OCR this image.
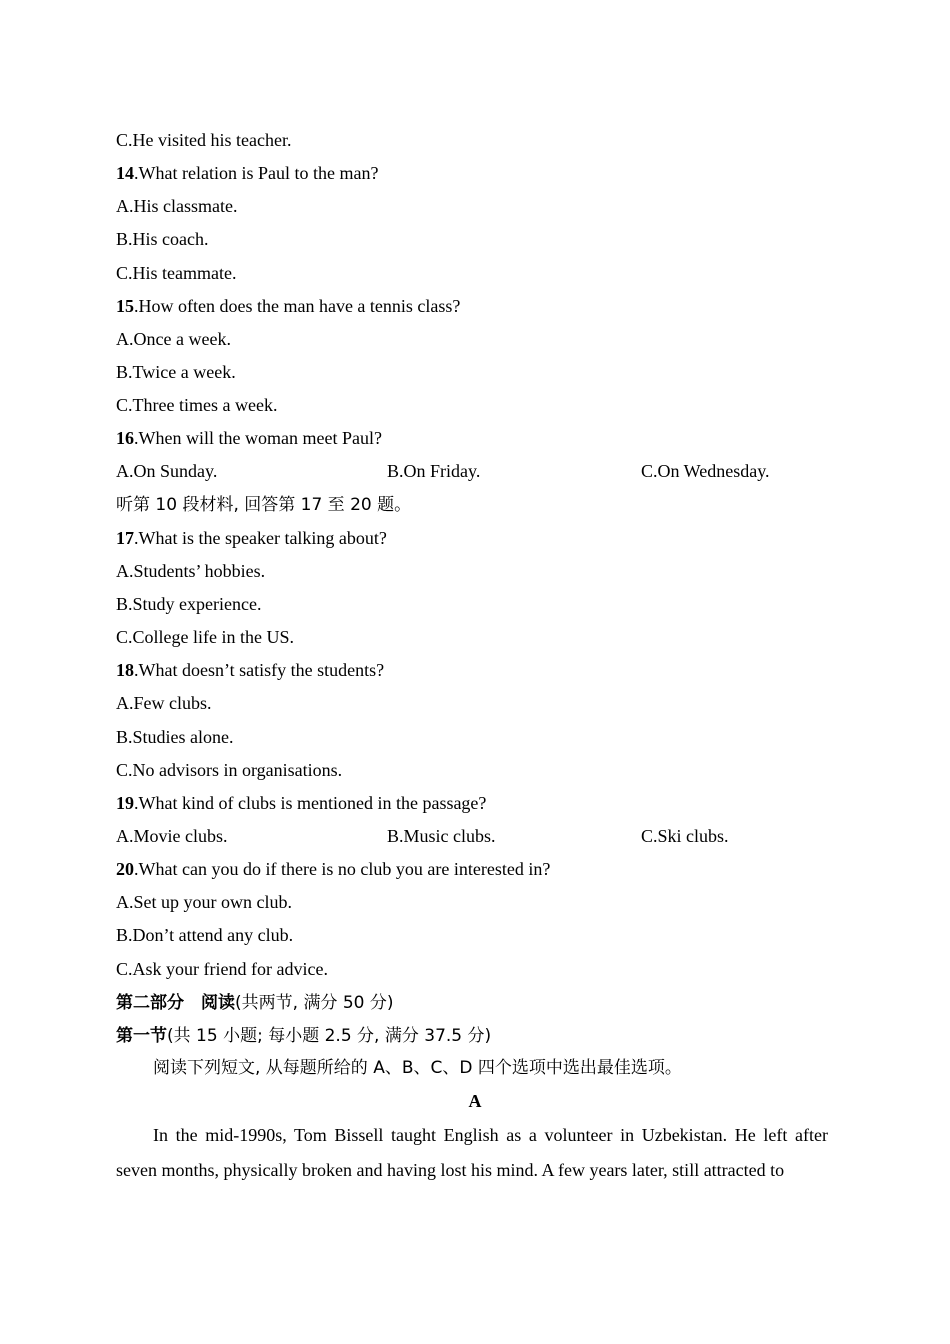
C.He visited his teacher.
14.What relation is Paul to the man?
A.His classmate.
B.His coach.
C.His teammate.
15.How often does the man have a tennis class?
A.Once a week.
B.Twice a week.
C.Three times a week.
16.When will the woman meet Paul?
A.On Sunday.	B.On Friday.	C.On Wednesday.
听第 10 段材料, 回答第 17 至 20 题。
17.What is the speaker talking about?
A.Students’ hobbies.
B.Study experience.
C.College life in the US.
18.What doesn’t satisfy the students?
A.Few clubs.
B.Studies alone.
C.No advisors in organisations.
19.What kind of clubs is mentioned in the passage?
A.Movie clubs.	B.Music clubs.	C.Ski clubs.
20.What can you do if there is no club you are interested in?
A.Set up your own club.
B.Don’t attend any club.
C.Ask your friend for advice.
第二部分　阅读(共两节, 满分 50 分)
第一节(共 15 小题; 每小题 2.5 分, 满分 37.5 分)
阅读下列短文, 从每题所给的 A、B、C、D 四个选项中选出最佳选项。
A
In the mid-1990s, Tom Bissell taught English as a volunteer in Uzbekistan. He left after seven months, physically broken and having lost his mind. A few years later, still attracted to
